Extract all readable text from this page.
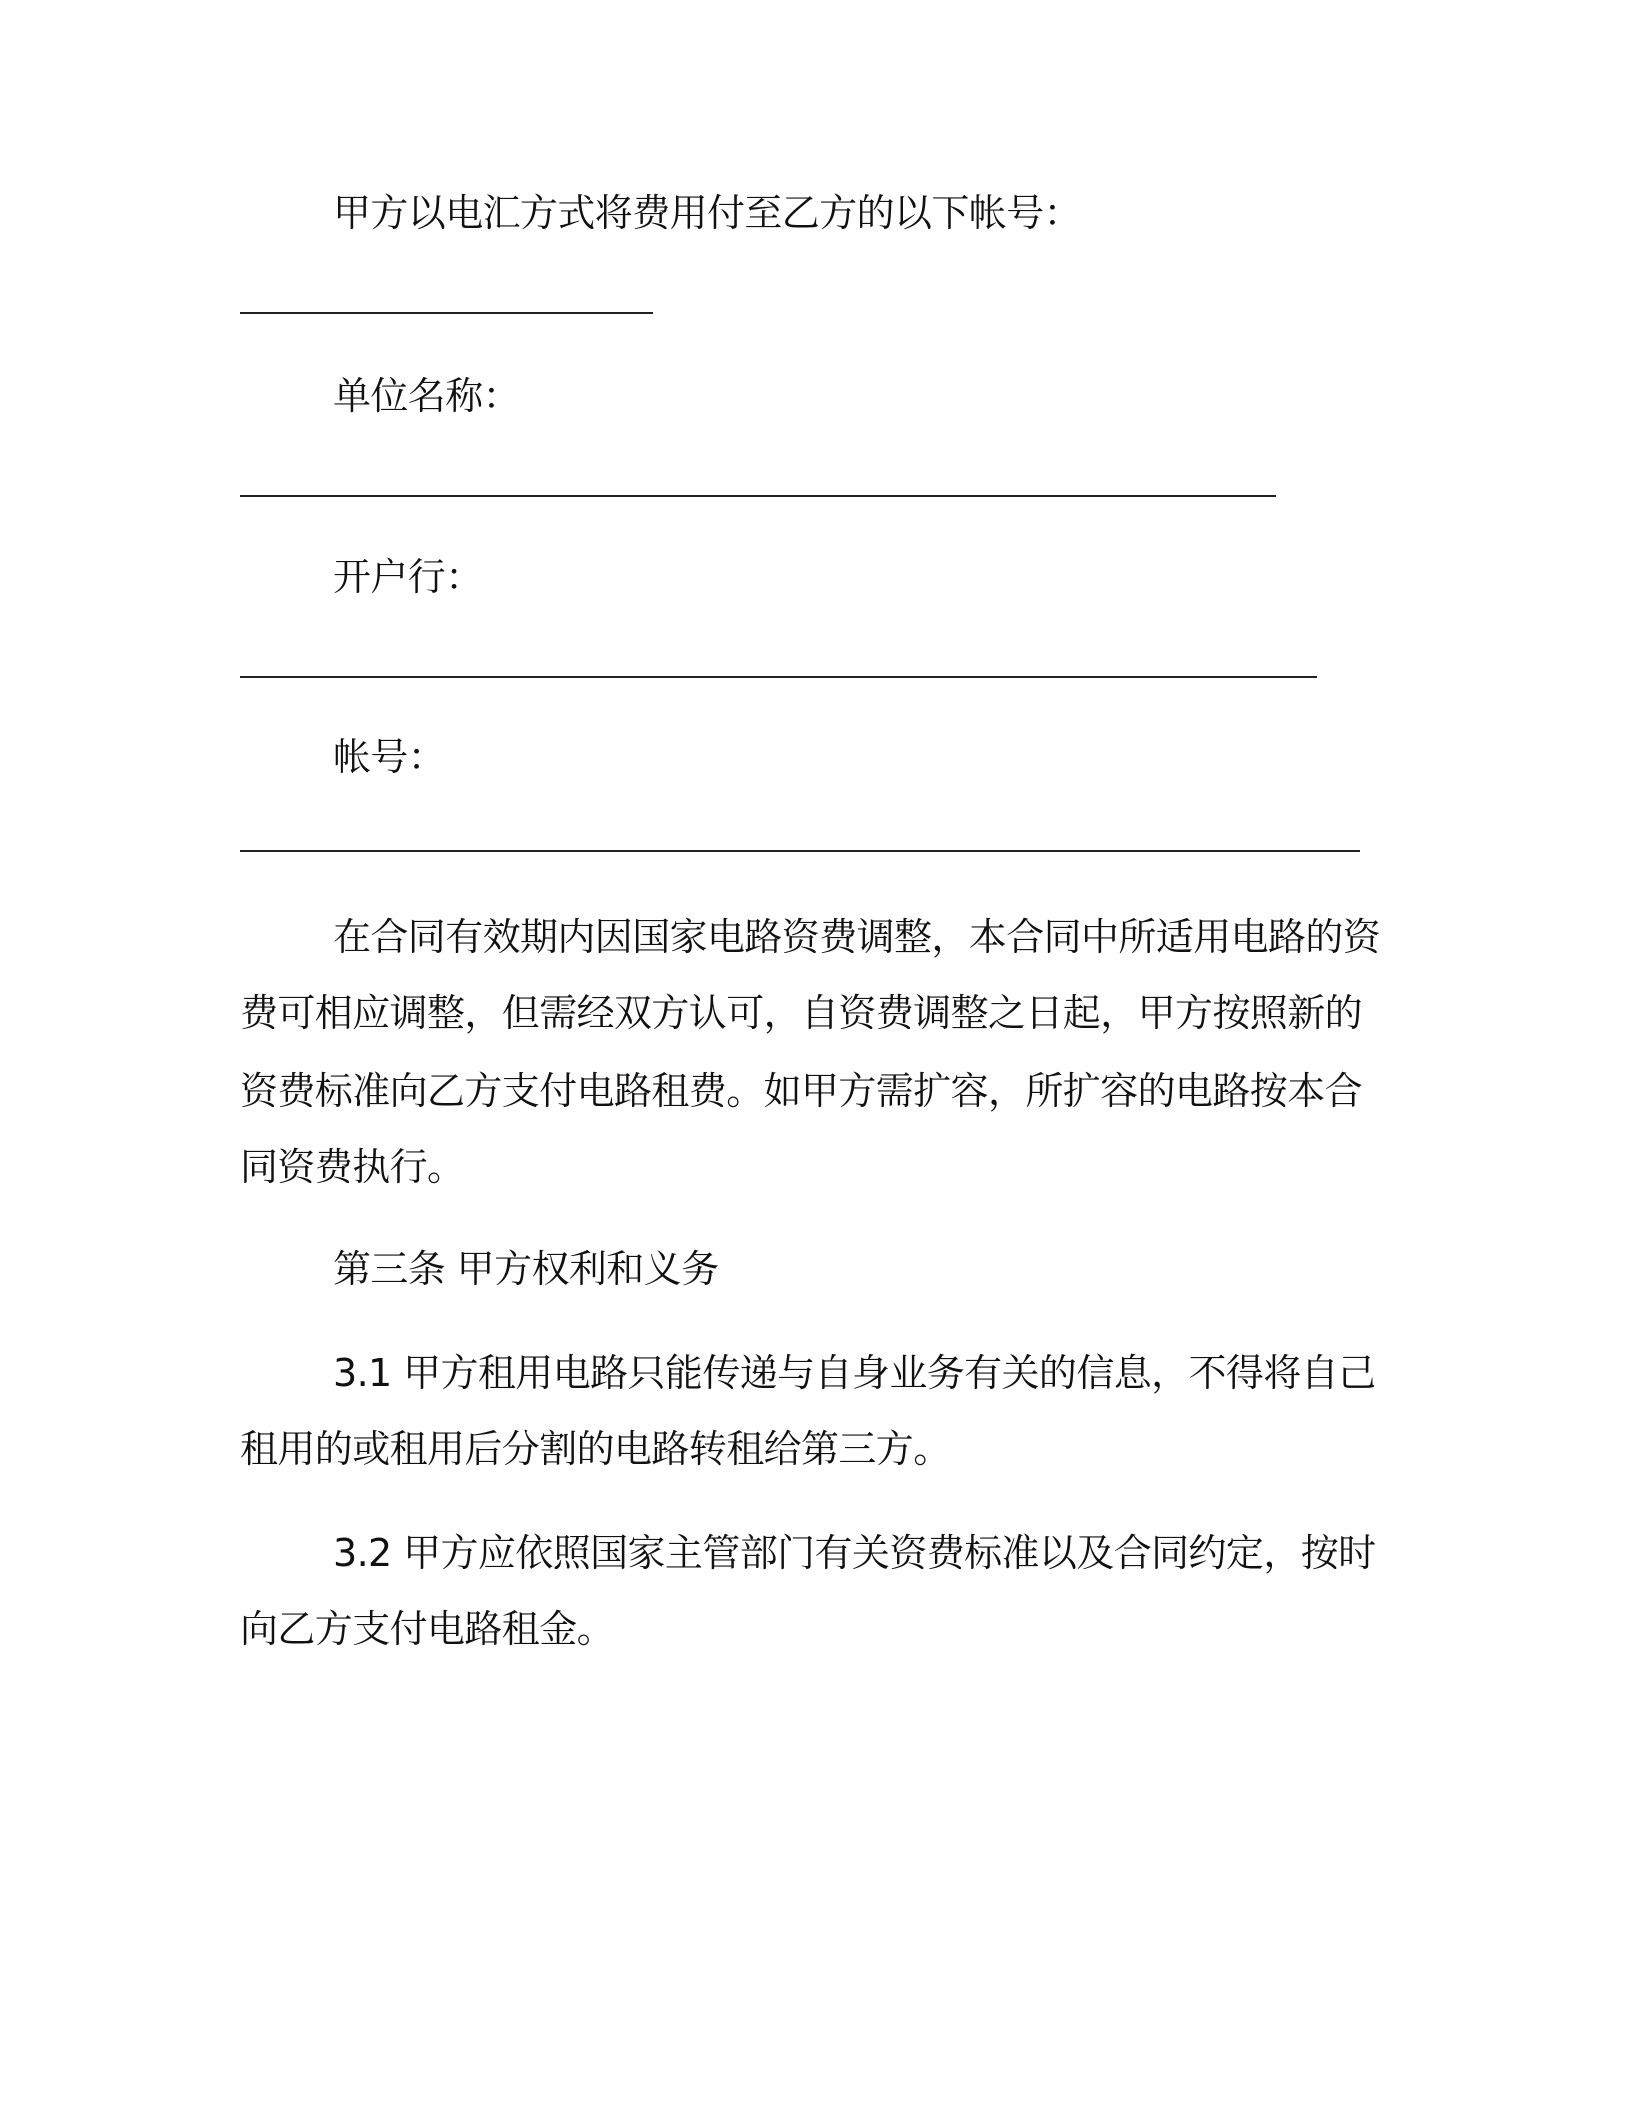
甲方以电汇方式将费用付至乙方的以下帐号：
单位名称：
开户行：
帐号：
在合同有效期内因国家电路资费调整，本合同中所适用电路的资
费可相应调整，但需经双方认可，自资费调整之日起，甲方按照新的
资费标准向乙方支付电路租费。如甲方需扩容，所扩容的电路按本合
同资费执行。
第三条 甲方权利和义务
3.1 甲方租用电路只能传递与自身业务有关的信息，不得将自己
租用的或租用后分割的电路转租给第三方。
3.2 甲方应依照国家主管部门有关资费标准以及合同约定，按时
向乙方支付电路租金。
